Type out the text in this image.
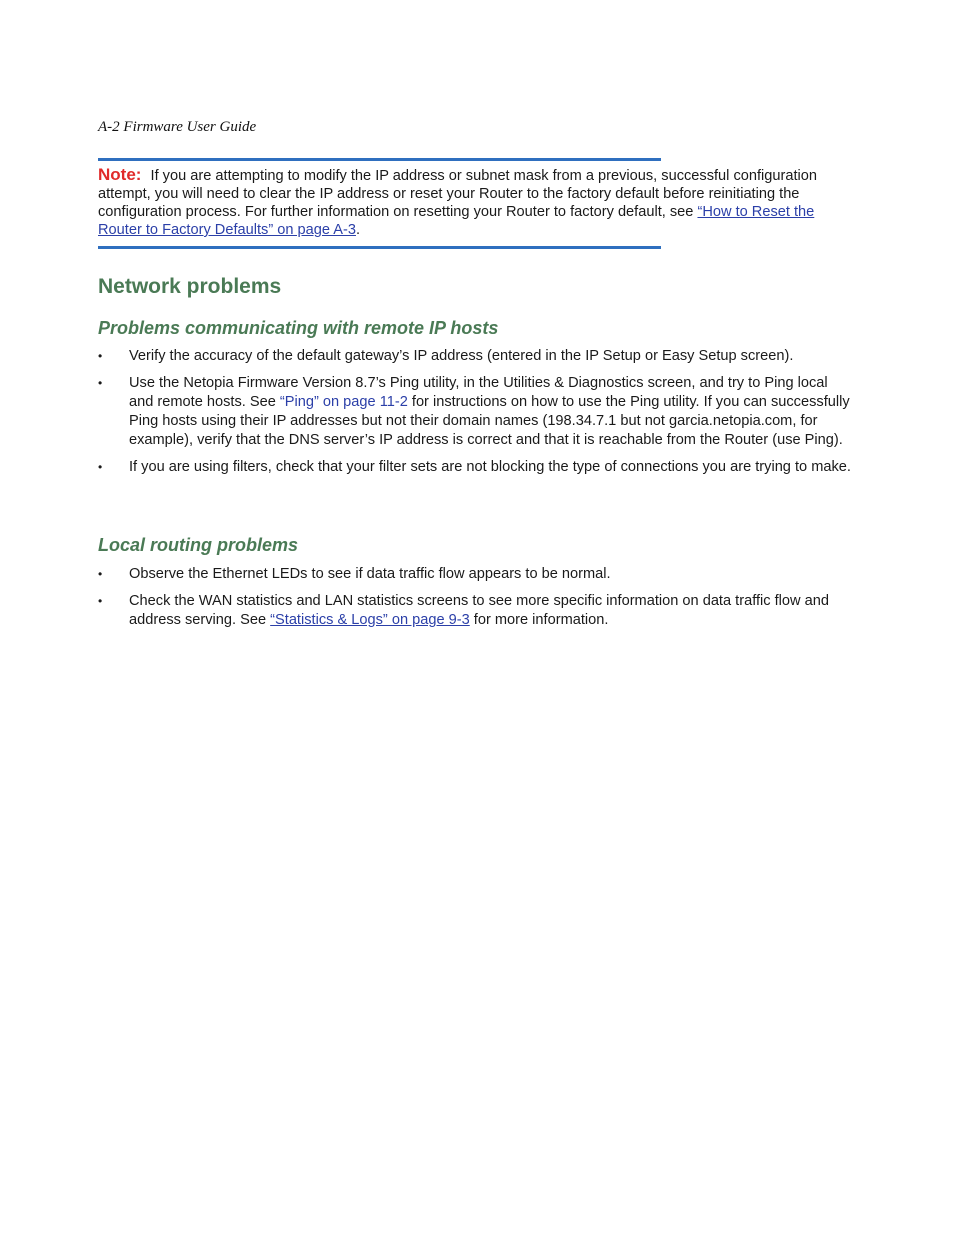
A-2 Firmware User Guide

Note: If you are attempting to modify the IP address or subnet mask from a previous, successful configuration attempt, you will need to clear the IP address or reset your Router to the factory default before reinitiating the configuration process. For further information on resetting your Router to factory default, see “How to Reset the Router to Factory Defaults” on page A-3.

Network problems
Problems communicating with remote IP hosts
• Verify the accuracy of the default gateway’s IP address (entered in the IP Setup or Easy Setup screen).
• Use the Netopia Firmware Version 8.7’s Ping utility, in the Utilities & Diagnostics screen, and try to Ping local and remote hosts. See “Ping” on page 11-2 for instructions on how to use the Ping utility. If you can successfully Ping hosts using their IP addresses but not their domain names (198.34.7.1 but not garcia.netopia.com, for example), verify that the DNS server’s IP address is correct and that it is reachable from the Router (use Ping).
• If you are using filters, check that your filter sets are not blocking the type of connections you are trying to make.
Local routing problems
• Observe the Ethernet LEDs to see if data traffic flow appears to be normal.
• Check the WAN statistics and LAN statistics screens to see more specific information on data traffic flow and address serving. See “Statistics & Logs” on page 9-3 for more information.
